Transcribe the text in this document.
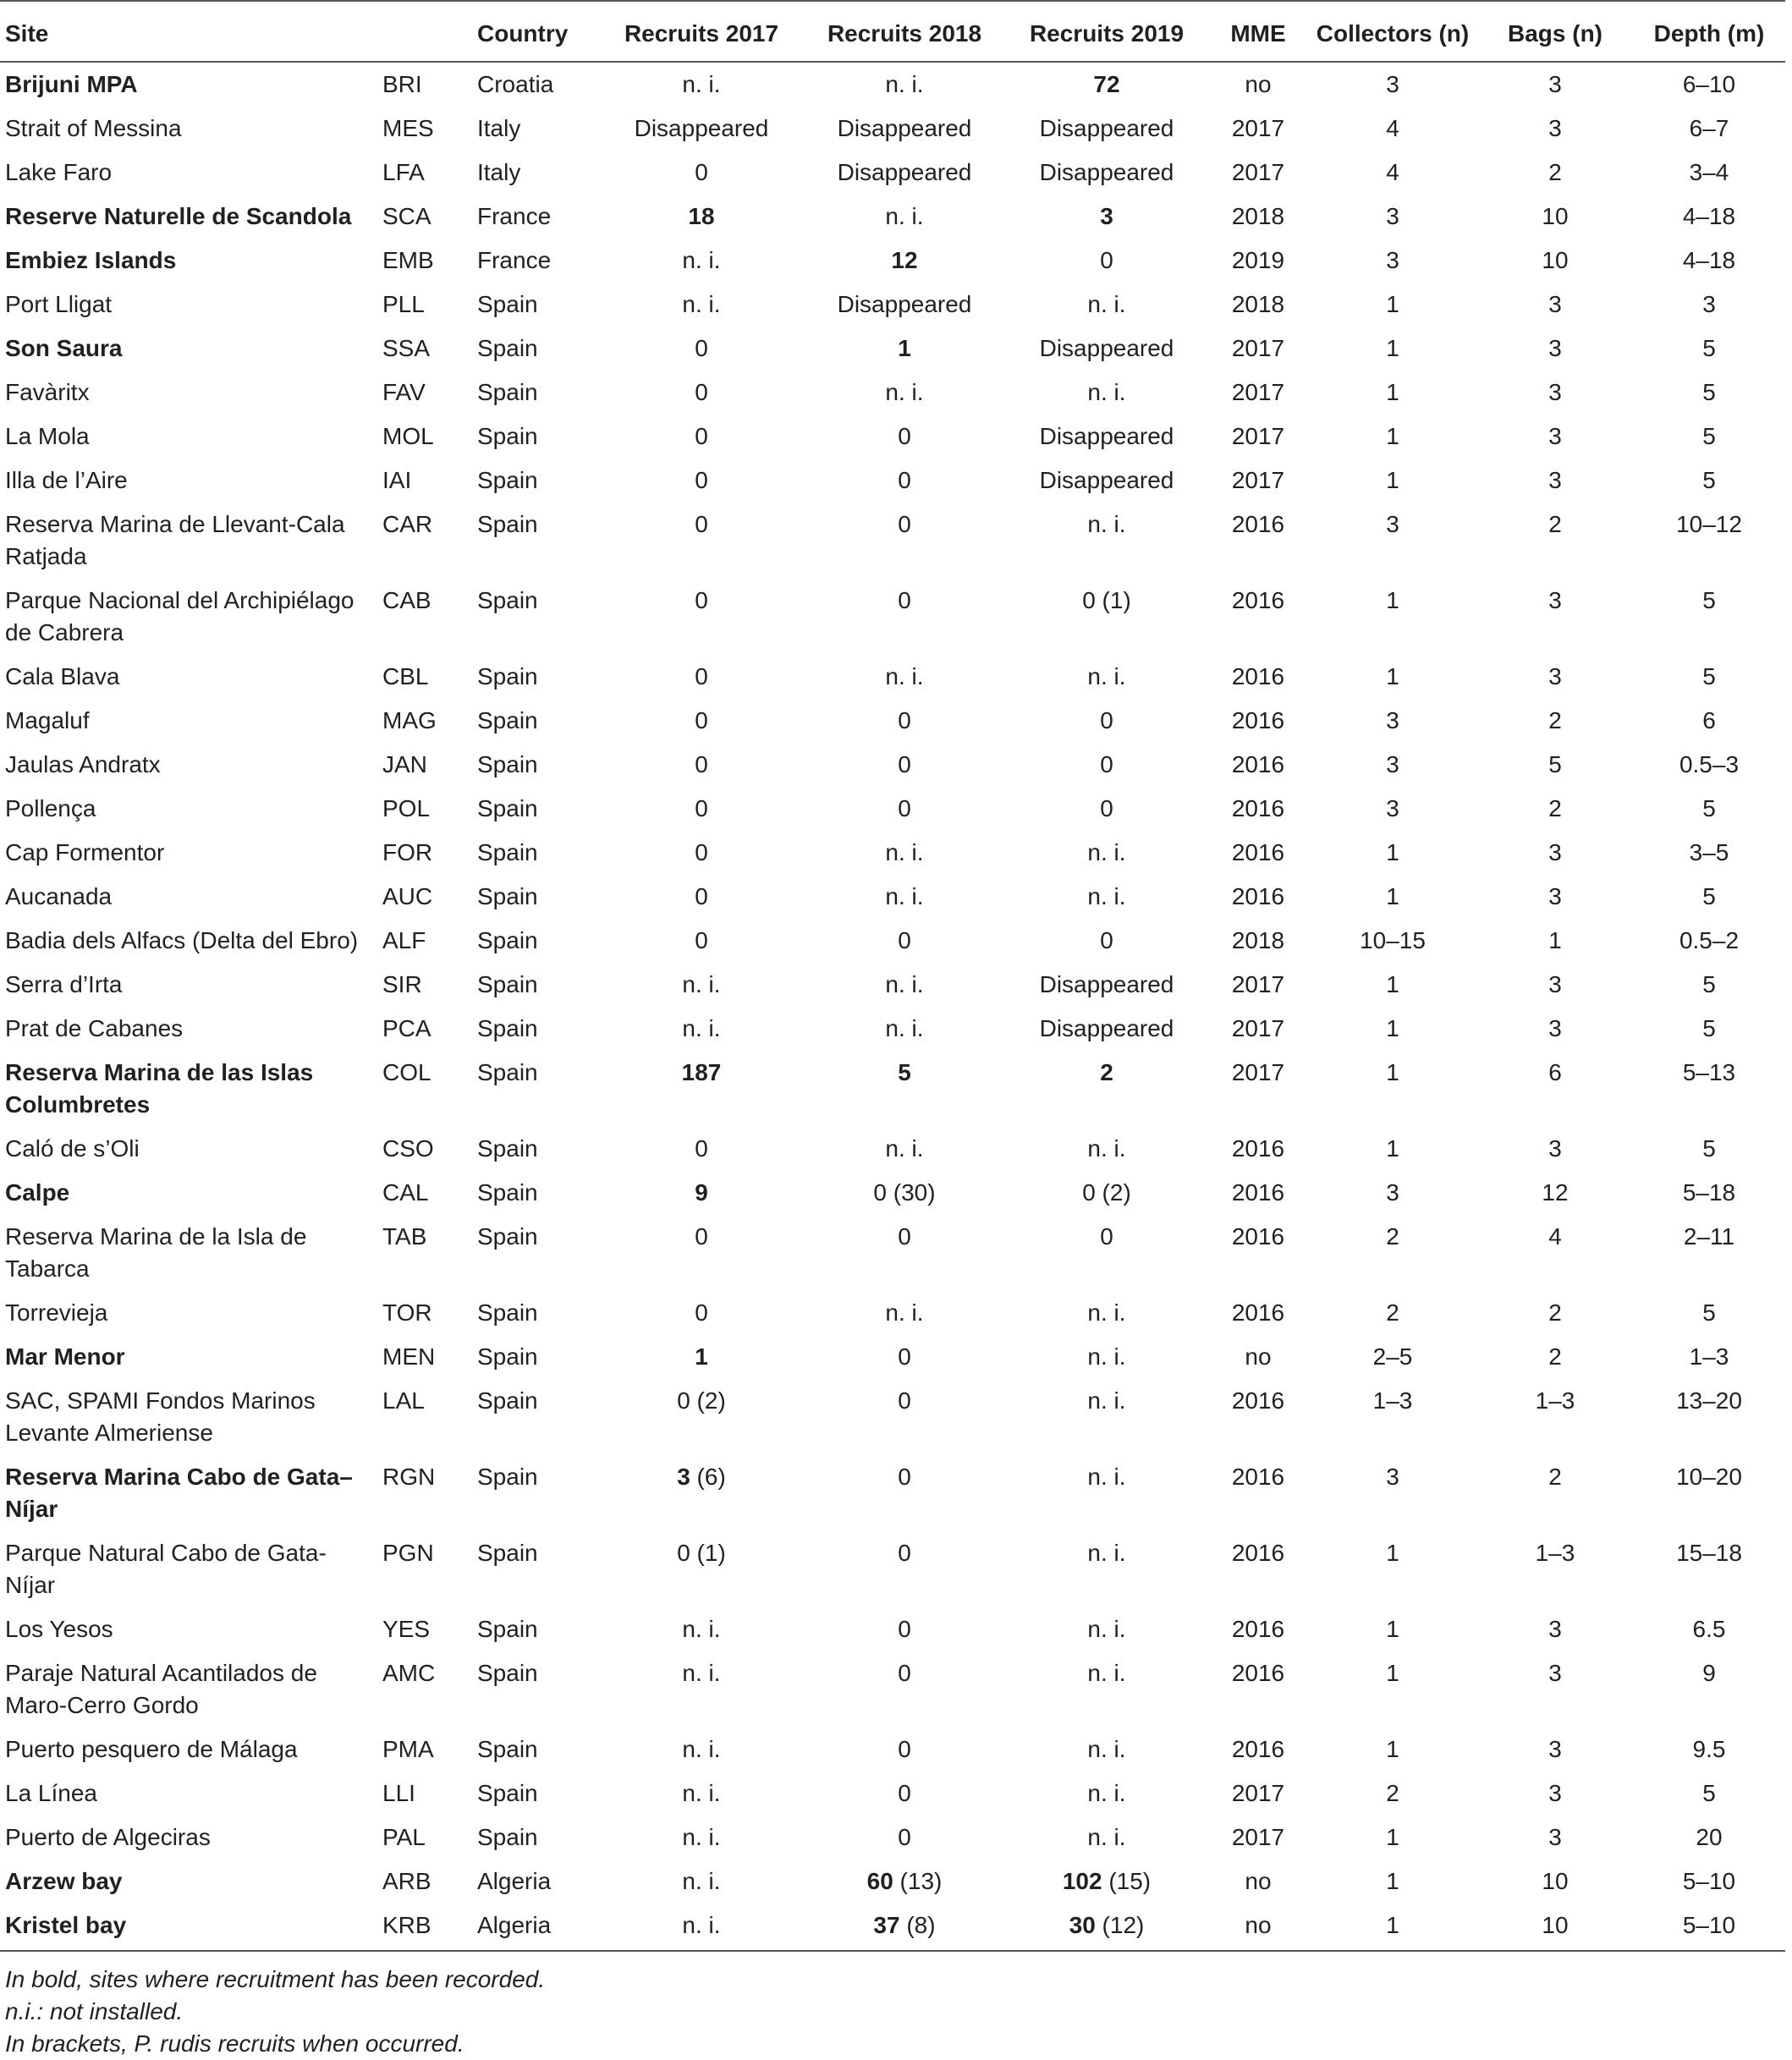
Site		Country	Recruits 2017	Recruits 2018	Recruits 2019	MME	Collectors (n)	Bags (n)	Depth (m)
Brijuni MPA	BRI	Croatia	n. i.	n. i.	72	no	3	3	6–10
Strait of Messina	MES	Italy	Disappeared	Disappeared	Disappeared	2017	4	3	6–7
Lake Faro	LFA	Italy	0	Disappeared	Disappeared	2017	4	2	3–4
Reserve Naturelle de Scandola	SCA	France	18	n. i.	3	2018	3	10	4–18
Embiez Islands	EMB	France	n. i.	12	0	2019	3	10	4–18
Port Lligat	PLL	Spain	n. i.	Disappeared	n. i.	2018	1	3	3
Son Saura	SSA	Spain	0	1	Disappeared	2017	1	3	5
Favàritx	FAV	Spain	0	n. i.	n. i.	2017	1	3	5
La Mola	MOL	Spain	0	0	Disappeared	2017	1	3	5
Illa de l’Aire	IAI	Spain	0	0	Disappeared	2017	1	3	5
Reserva Marina de Llevant-Cala Ratjada	CAR	Spain	0	0	n. i.	2016	3	2	10–12
Parque Nacional del Archipiélago de Cabrera	CAB	Spain	0	0	0 (1)	2016	1	3	5
Cala Blava	CBL	Spain	0	n. i.	n. i.	2016	1	3	5
Magaluf	MAG	Spain	0	0	0	2016	3	2	6
Jaulas Andratx	JAN	Spain	0	0	0	2016	3	5	0.5–3
Pollença	POL	Spain	0	0	0	2016	3	2	5
Cap Formentor	FOR	Spain	0	n. i.	n. i.	2016	1	3	3–5
Aucanada	AUC	Spain	0	n. i.	n. i.	2016	1	3	5
Badia dels Alfacs (Delta del Ebro)	ALF	Spain	0	0	0	2018	10–15	1	0.5–2
Serra d’Irta	SIR	Spain	n. i.	n. i.	Disappeared	2017	1	3	5
Prat de Cabanes	PCA	Spain	n. i.	n. i.	Disappeared	2017	1	3	5
Reserva Marina de las Islas Columbretes	COL	Spain	187	5	2	2017	1	6	5–13
Caló de s’Oli	CSO	Spain	0	n. i.	n. i.	2016	1	3	5
Calpe	CAL	Spain	9	0 (30)	0 (2)	2016	3	12	5–18
Reserva Marina de la Isla de Tabarca	TAB	Spain	0	0	0	2016	2	4	2–11
Torrevieja	TOR	Spain	0	n. i.	n. i.	2016	2	2	5
Mar Menor	MEN	Spain	1	0	n. i.	no	2–5	2	1–3
SAC, SPAMI Fondos Marinos Levante Almeriense	LAL	Spain	0 (2)	0	n. i.	2016	1–3	1–3	13–20
Reserva Marina Cabo de Gata–Níjar	RGN	Spain	3 (6)	0	n. i.	2016	3	2	10–20
Parque Natural Cabo de Gata-Níjar	PGN	Spain	0 (1)	0	n. i.	2016	1	1–3	15–18
Los Yesos	YES	Spain	n. i.	0	n. i.	2016	1	3	6.5
Paraje Natural Acantilados de Maro-Cerro Gordo	AMC	Spain	n. i.	0	n. i.	2016	1	3	9
Puerto pesquero de Málaga	PMA	Spain	n. i.	0	n. i.	2016	1	3	9.5
La Línea	LLI	Spain	n. i.	0	n. i.	2017	2	3	5
Puerto de Algeciras	PAL	Spain	n. i.	0	n. i.	2017	1	3	20
Arzew bay	ARB	Algeria	n. i.	60 (13)	102 (15)	no	1	10	5–10
Kristel bay	KRB	Algeria	n. i.	37 (8)	30 (12)	no	1	10	5–10
In bold, sites where recruitment has been recorded.
n.i.: not installed.
In brackets, P. rudis recruits when occurred.
